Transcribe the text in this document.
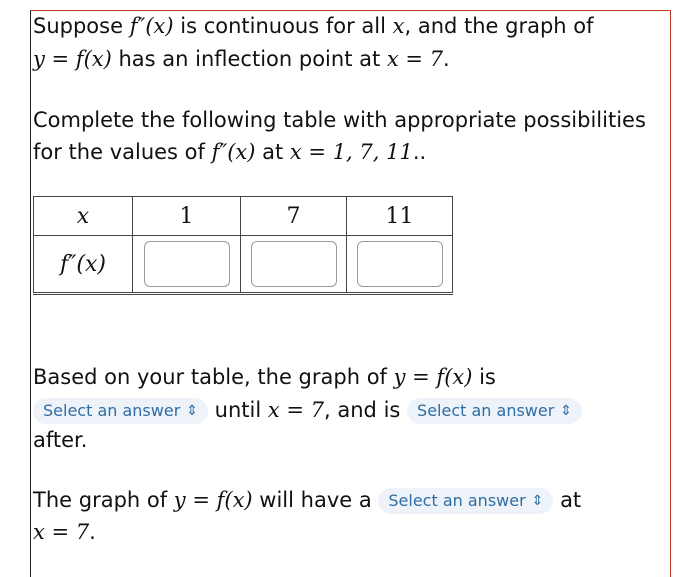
Suppose f″(x) is continuous for all x, and the graph of
y = f(x) has an inflection point at x = 7.
Complete the following table with appropriate possibilities
for the values of f″(x) at x = 1, 7, 11..
x	1	7	11
f″(x)			
Based on your table, the graph of y = f(x) is
Select an answer ⇕ until x = 7, and is Select an answer ⇕
after.
The graph of y = f(x) will have a Select an answer ⇕ at
x = 7.
